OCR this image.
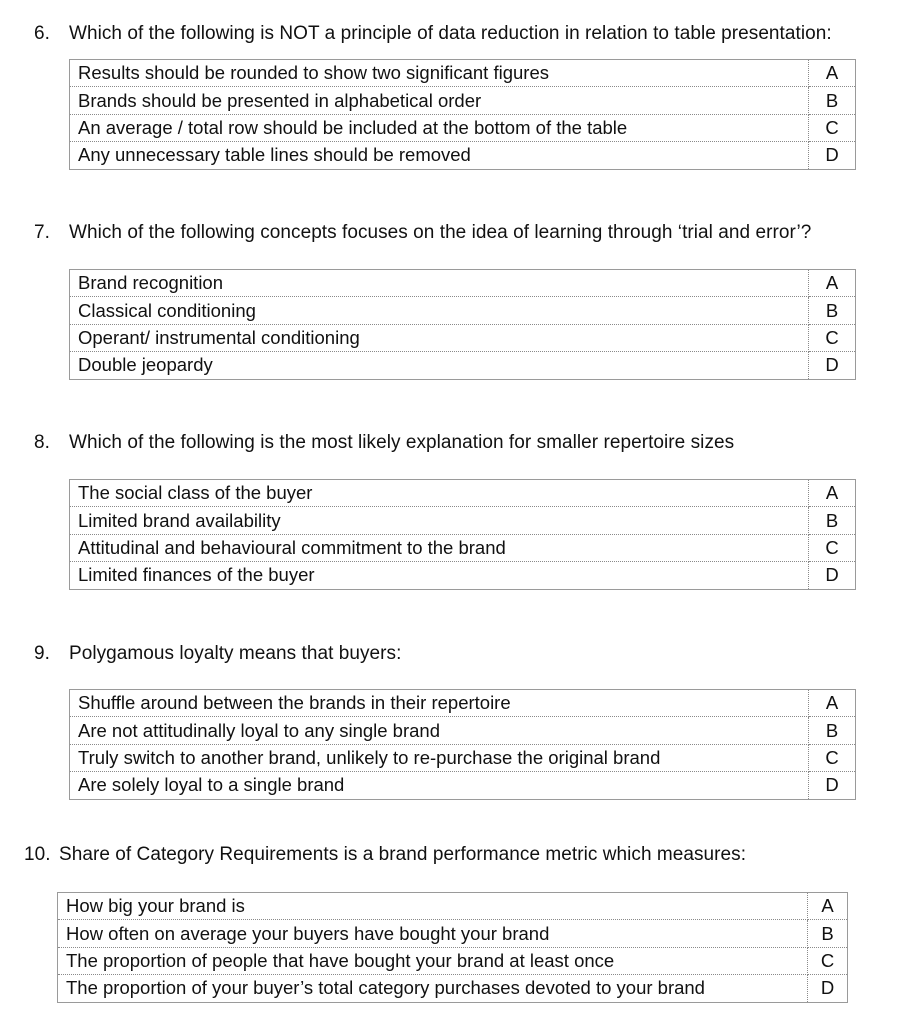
6. Which of the following is NOT a principle of data reduction in relation to table presentation:
Results should be rounded to show two significant figures	A
Brands should be presented in alphabetical order	B
An average / total row should be included at the bottom of the table	C
Any unnecessary table lines should be removed	D
7. Which of the following concepts focuses on the idea of learning through ‘trial and error’?
Brand recognition	A
Classical conditioning	B
Operant/ instrumental conditioning	C
Double jeopardy	D
8. Which of the following is the most likely explanation for smaller repertoire sizes
The social class of the buyer	A
Limited brand availability	B
Attitudinal and behavioural commitment to the brand	C
Limited finances of the buyer	D
9. Polygamous loyalty means that buyers:
Shuffle around between the brands in their repertoire	A
Are not attitudinally loyal to any single brand	B
Truly switch to another brand, unlikely to re-purchase the original brand	C
Are solely loyal to a single brand	D
10. Share of Category Requirements is a brand performance metric which measures:
How big your brand is	A
How often on average your buyers have bought your brand	B
The proportion of people that have bought your brand at least once	C
The proportion of your buyer’s total category purchases devoted to your brand	D
